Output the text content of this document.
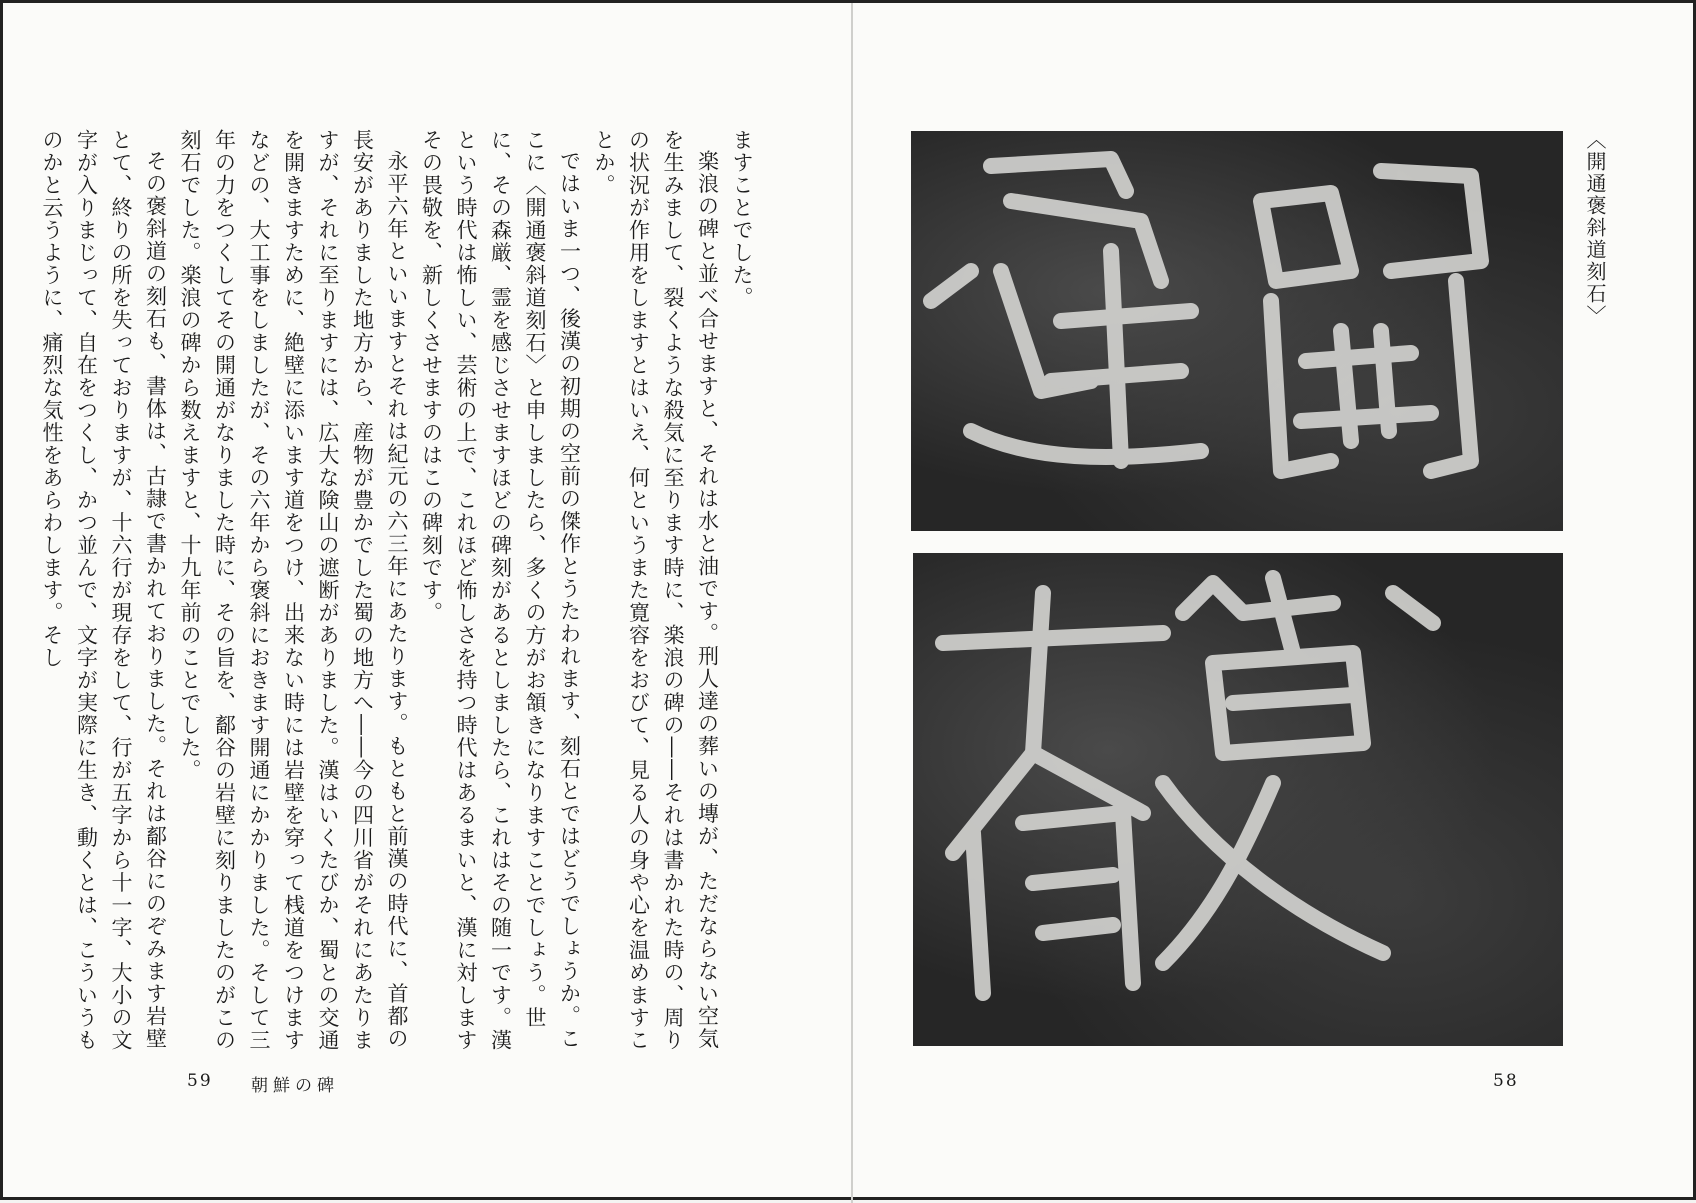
ますことでした。

楽浪の碑と並べ合せますと、それは水と油です。刑人達の葬いの塼が、ただならない空気を生みまして、裂くような殺気に至ります時に、楽浪の碑の――それは書かれた時の、周りの状況が作用をしますとはいえ、何というまた寛容をおびて、見る人の身や心を温めますことか。

ではいま一つ、後漢の初期の空前の傑作とうたわれます、刻石とではどうでしょうか。ここに〈開通褒斜道刻石〉と申しましたら、多くの方がお頷きになりますことでしょう。世に、その森厳、霊を感じさせますほどの碑刻があるとしましたら、これはその随一です。漢という時代は怖しい、芸術の上で、これほど怖しさを持つ時代はあるまいと、漢に対しますその畏敬を、新しくさせますのはこの碑刻です。

永平六年といいますとそれは紀元の六三年にあたります。もともと前漢の時代に、首都の長安がありました地方から、産物が豊かでした蜀の地方へ――今の四川省がそれにあたりますが、それに至りますには、広大な険山の遮断がありました。漢はいくたびか、蜀との交通を開きますために、絶壁に添います道をつけ、出来ない時には岩壁を穿って桟道をつけますなどの、大工事をしましたが、その六年から褒斜におきます開通にかかりました。そして三年の力をつくしてその開通がなりました時に、その旨を、鄐谷の岩壁に刻りましたのがこの刻石でした。楽浪の碑から数えますと、十九年前のことでした。

その褒斜道の刻石も、書体は、古隷で書かれておりました。それは鄐谷にのぞみます岩壁とて、終りの所を失っておりますが、十六行が現存をして、行が五字から十一字、大小の文字が入りまじって、自在をつくし、かつ並んで、文字が実際に生き、動くとは、こういうものかと云うように、痛烈な気性をあらわします。そし

59 朝鮮の碑
〈開通褒斜道刻石〉
58
